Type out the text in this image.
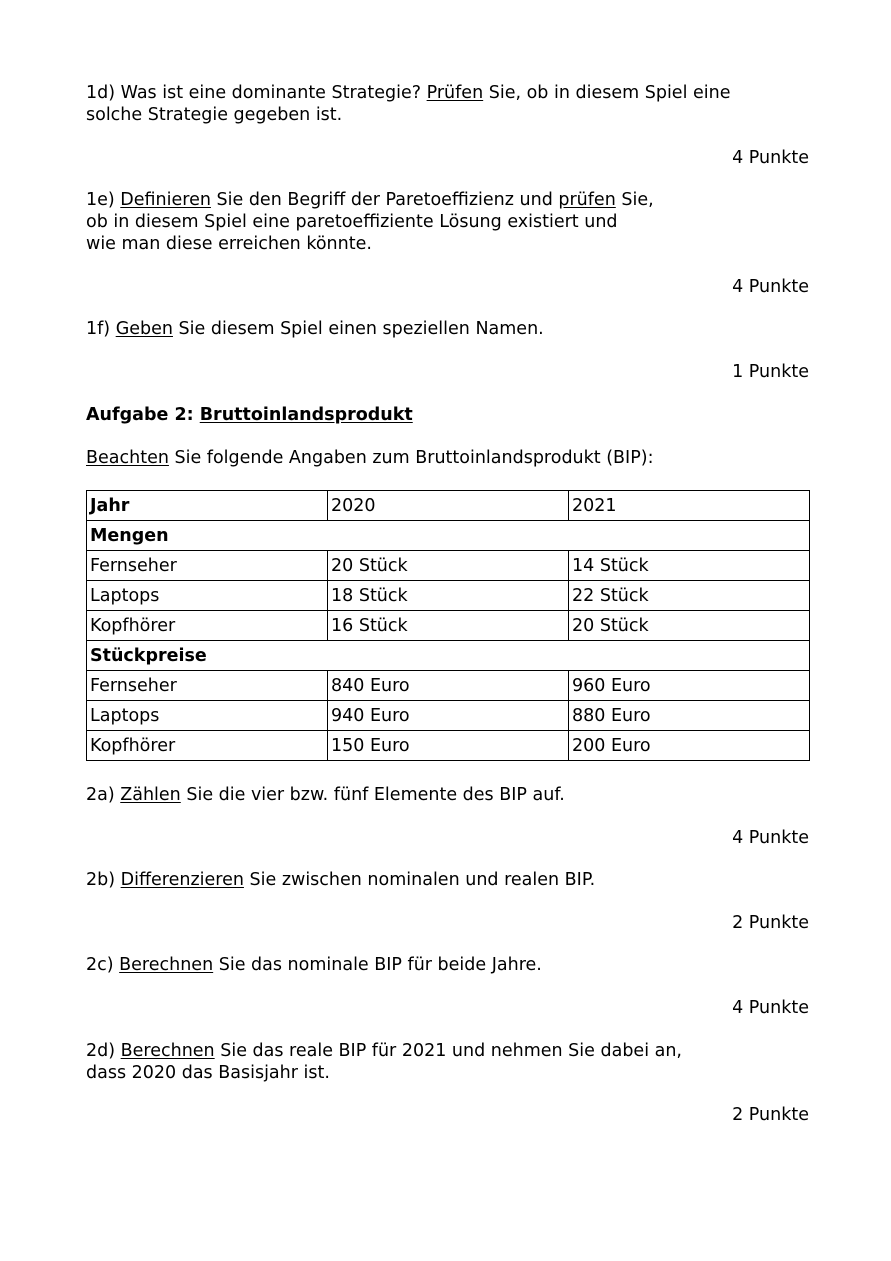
1d) Was ist eine dominante Strategie? Prüfen Sie, ob in diesem Spiel eine
solche Strategie gegeben ist.
4 Punkte
1e) Definieren Sie den Begriff der Paretoeffizienz und prüfen Sie,
ob in diesem Spiel eine paretoeffiziente Lösung existiert und
wie man diese erreichen könnte.
4 Punkte
1f) Geben Sie diesem Spiel einen speziellen Namen.
1 Punkte
Aufgabe 2: Bruttoinlandsprodukt
Beachten Sie folgende Angaben zum Bruttoinlandsprodukt (BIP):
Jahr	2020	2021
Mengen		
Fernseher	20 Stück	14 Stück
Laptops	18 Stück	22 Stück
Kopfhörer	16 Stück	20 Stück
Stückpreise		
Fernseher	840 Euro	960 Euro
Laptops	940 Euro	880 Euro
Kopfhörer	150 Euro	200 Euro
2a) Zählen Sie die vier bzw. fünf Elemente des BIP auf.
4 Punkte
2b) Differenzieren Sie zwischen nominalen und realen BIP.
2 Punkte
2c) Berechnen Sie das nominale BIP für beide Jahre.
4 Punkte
2d) Berechnen Sie das reale BIP für 2021 und nehmen Sie dabei an,
dass 2020 das Basisjahr ist.
2 Punkte
